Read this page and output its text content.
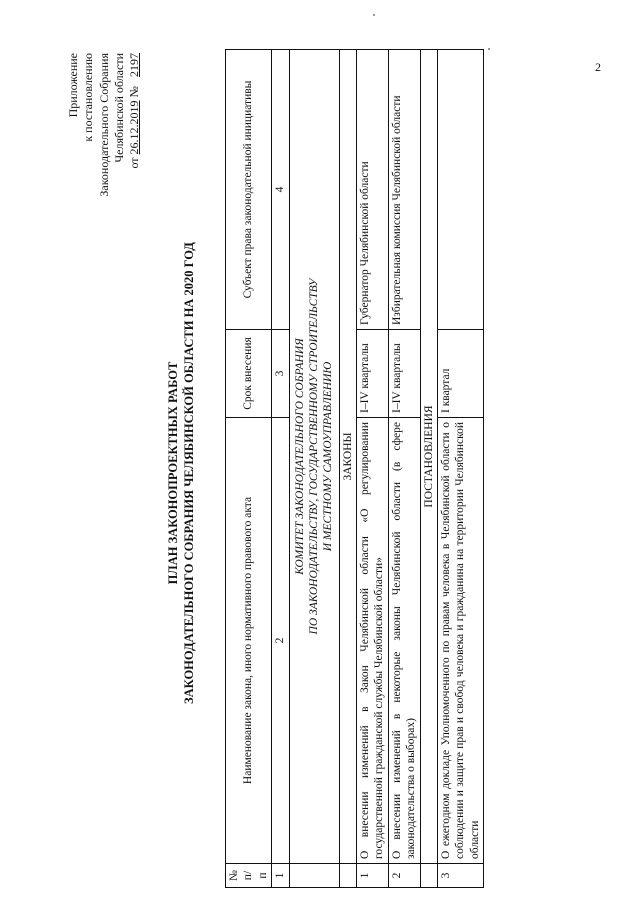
2
Приложение к постановлению Законодательного Собрания Челябинской области
от 26.12.2019 № 2197
ПЛАН ЗАКОНОПРОЕКТНЫХ РАБОТ ЗАКОНОДАТЕЛЬНОГО СОБРАНИЯ ЧЕЛЯБИНСКОЙ ОБЛАСТИ НА 2020 ГОД
№ п/п	Наименование закона, иного нормативного правового акта	Срок внесения	Субъект права законодательной инициативы
1	2	3	4

	КОМИТЕТ ЗАКОНОДАТЕЛЬНОГО СОБРАНИЯ ПО ЗАКОНОДАТЕЛЬСТВУ, ГОСУДАРСТВЕННОМУ СТРОИТЕЛЬСТВУ И МЕСТНОМУ САМОУПРАВЛЕНИЮ		

	ЗАКОНЫ		
1	О внесении изменений в Закон Челябинской области «О регулировании государственной гражданской службы Челябинской области»	I–IV кварталы	Губернатор Челябинской области
2	О внесении изменений в некоторые законы Челябинской области (в сфере законодательства о выборах)	I–IV кварталы	Избирательная комиссия Челябинской области
	ПОСТАНОВЛЕНИЯ		
3	О ежегодном докладе Уполномоченного по правам человека в Челябинской области о соблюдении и защите прав и свобод человека и гражданина на территории Челябинской области	I квартал	
